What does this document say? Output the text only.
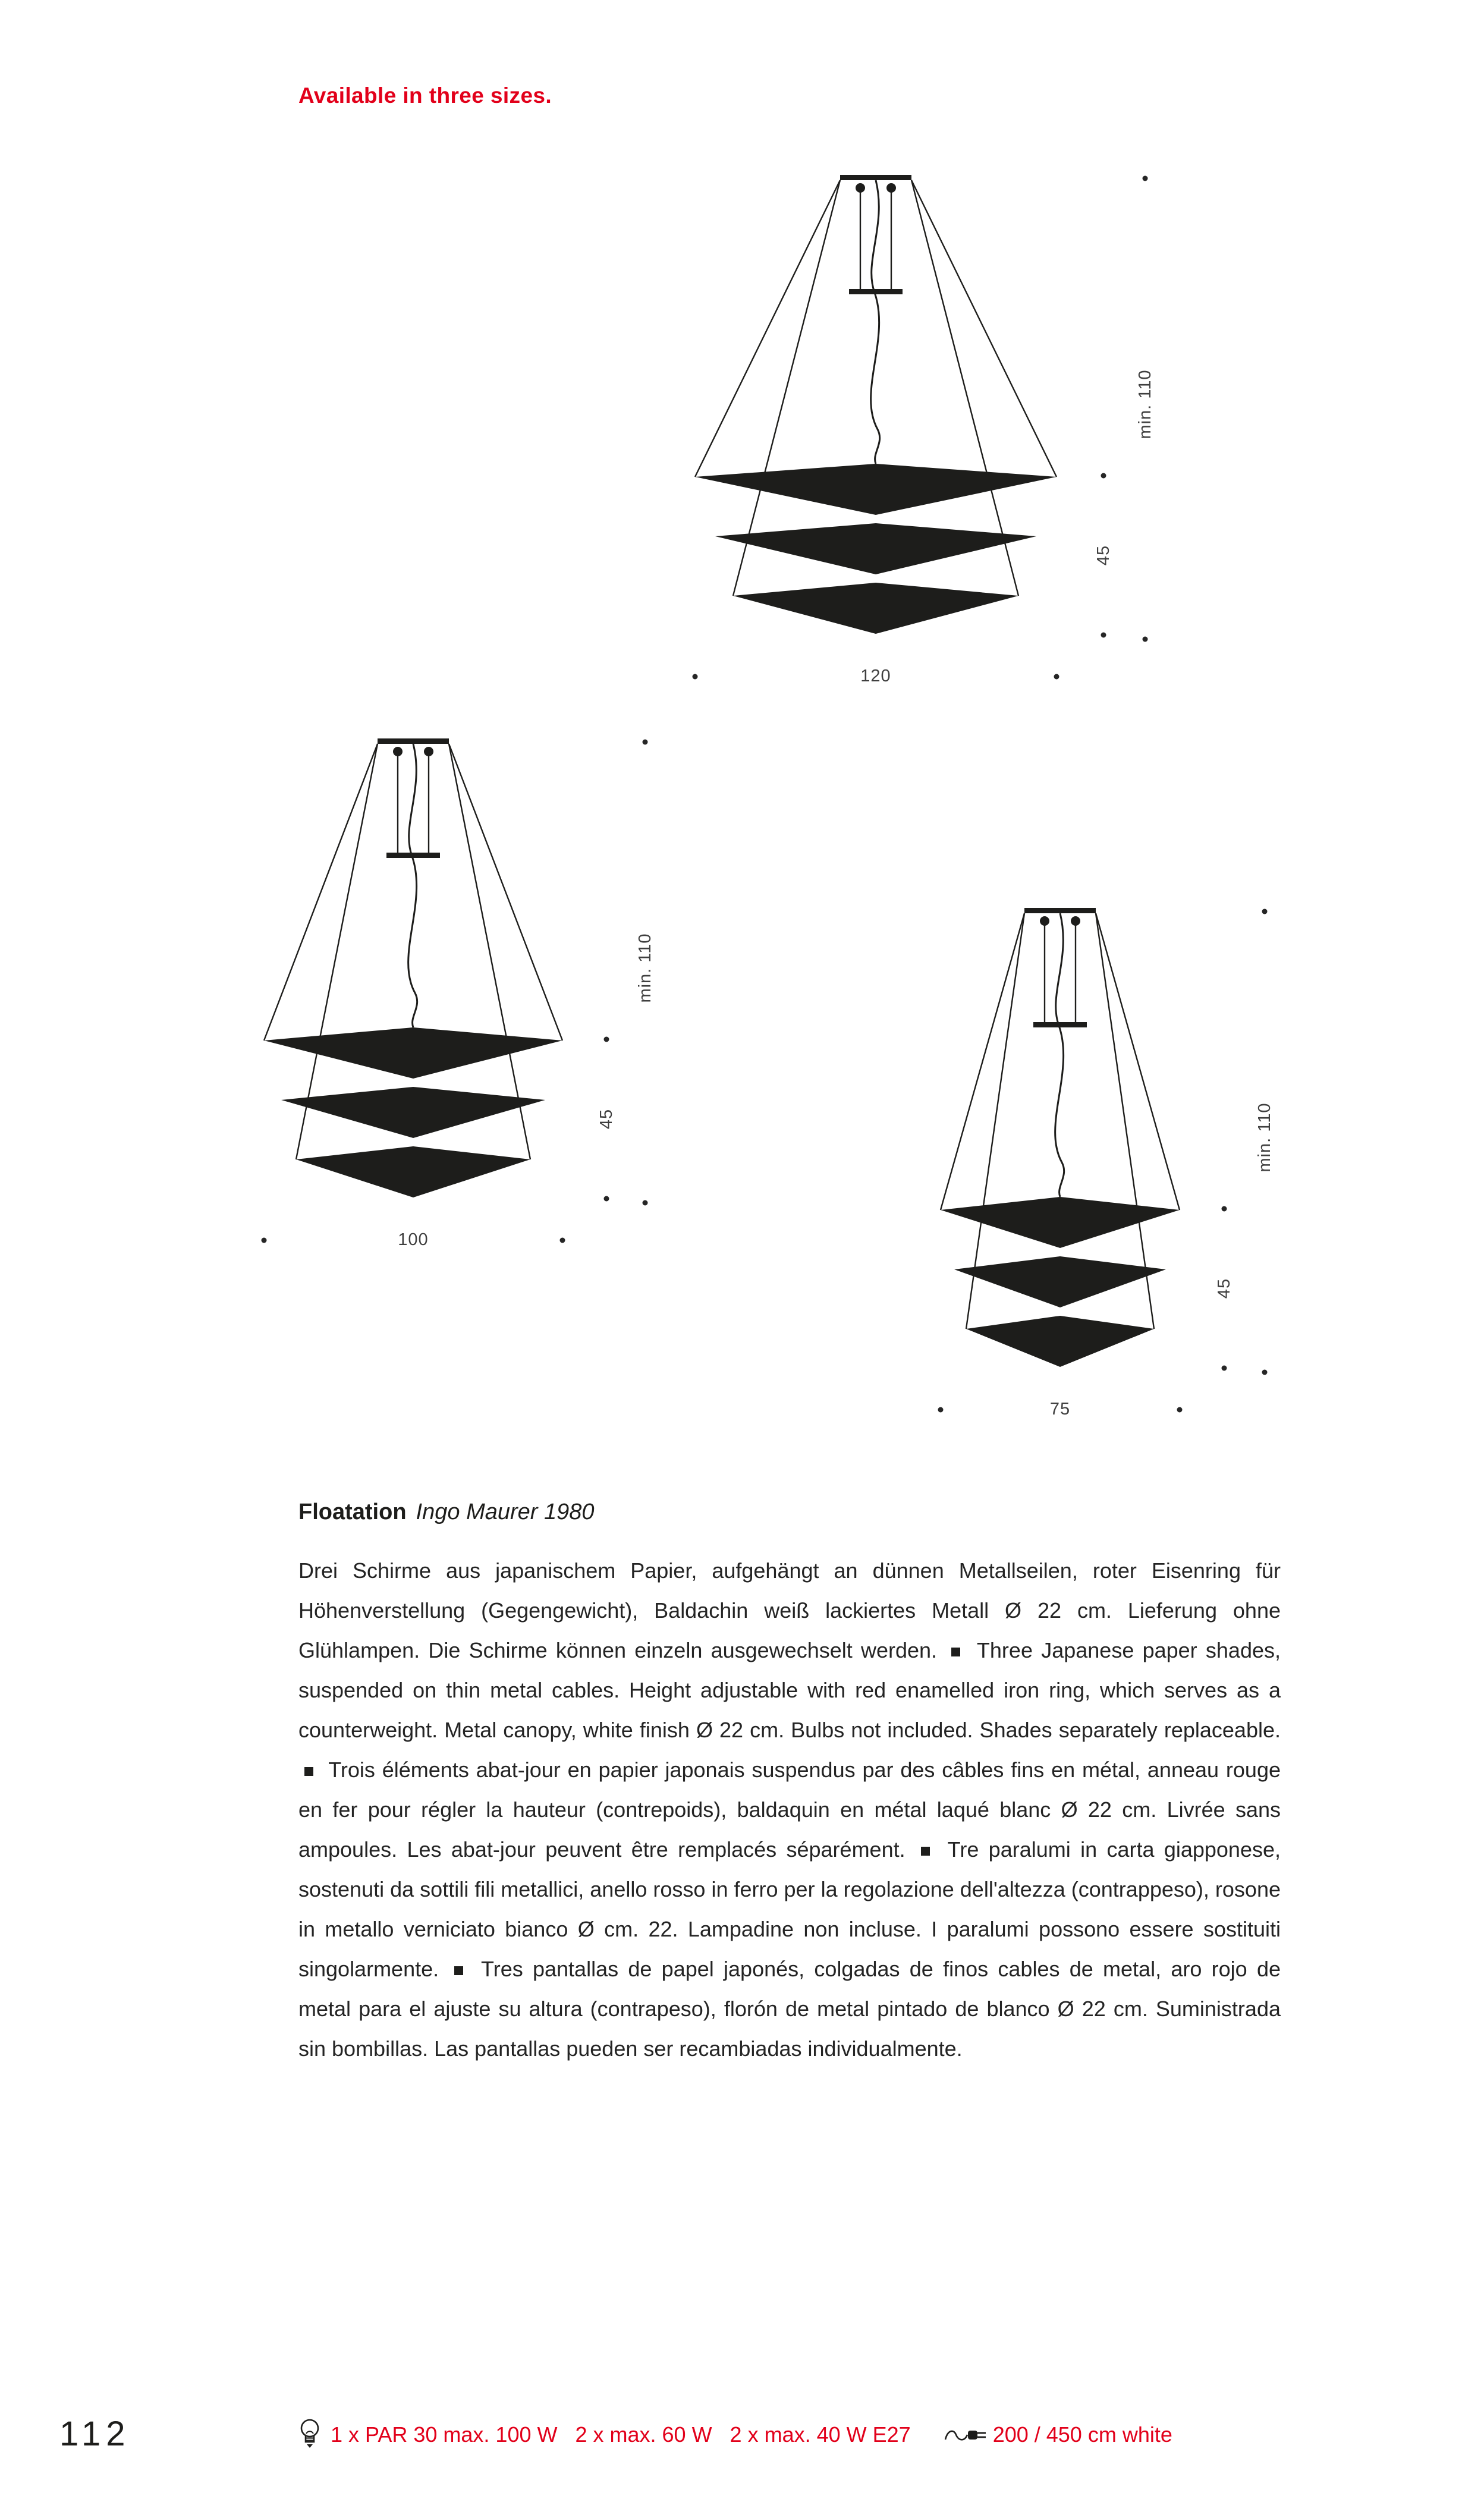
Available in three sizes.
min. 110
45
120
min. 110
45
100
min. 110
45
75
Floatation Ingo Maurer 1980

Drei Schirme aus japanischem Papier, aufgehängt an dünnen Metallseilen, roter Eisenring für Höhenverstellung (Gegengewicht), Baldachin weiß lackiertes Metall Ø 22 cm. Lieferung ohne Glühlampen. Die Schirme können einzeln ausgewechselt werden. Three Japanese paper shades, suspended on thin metal cables. Height adjustable with red enamelled iron ring, which serves as a counterweight. Metal canopy, white finish Ø 22 cm. Bulbs not included. Shades separately replaceable.  Trois éléments abat-jour en papier japonais suspendus par des câbles fins en métal, anneau rouge en fer pour régler la hauteur (contrepoids), baldaquin en métal laqué blanc Ø 22 cm. Livrée sans ampoules. Les abat-jour peuvent être remplacés séparément. Tre paralumi in carta giapponese, sostenuti da sottili fili metallici, anello rosso in ferro per la regolazione dell'altezza (contrappeso), rosone in metallo verniciato bianco Ø cm. 22. Lampadine non incluse. I paralumi possono essere sostituiti singolarmente. Tres pantallas de papel japonés, colgadas de finos cables de metal, aro rojo de metal para el ajuste su altura (contrapeso), florón de metal pintado de blanco Ø 22 cm. Suministrada sin bombillas. Las pantallas pueden ser recambiadas individualmente.

112	1 x PAR 30 max. 100 W   2 x max. 60 W   2 x max. 40 W E27	200 / 450 cm white
